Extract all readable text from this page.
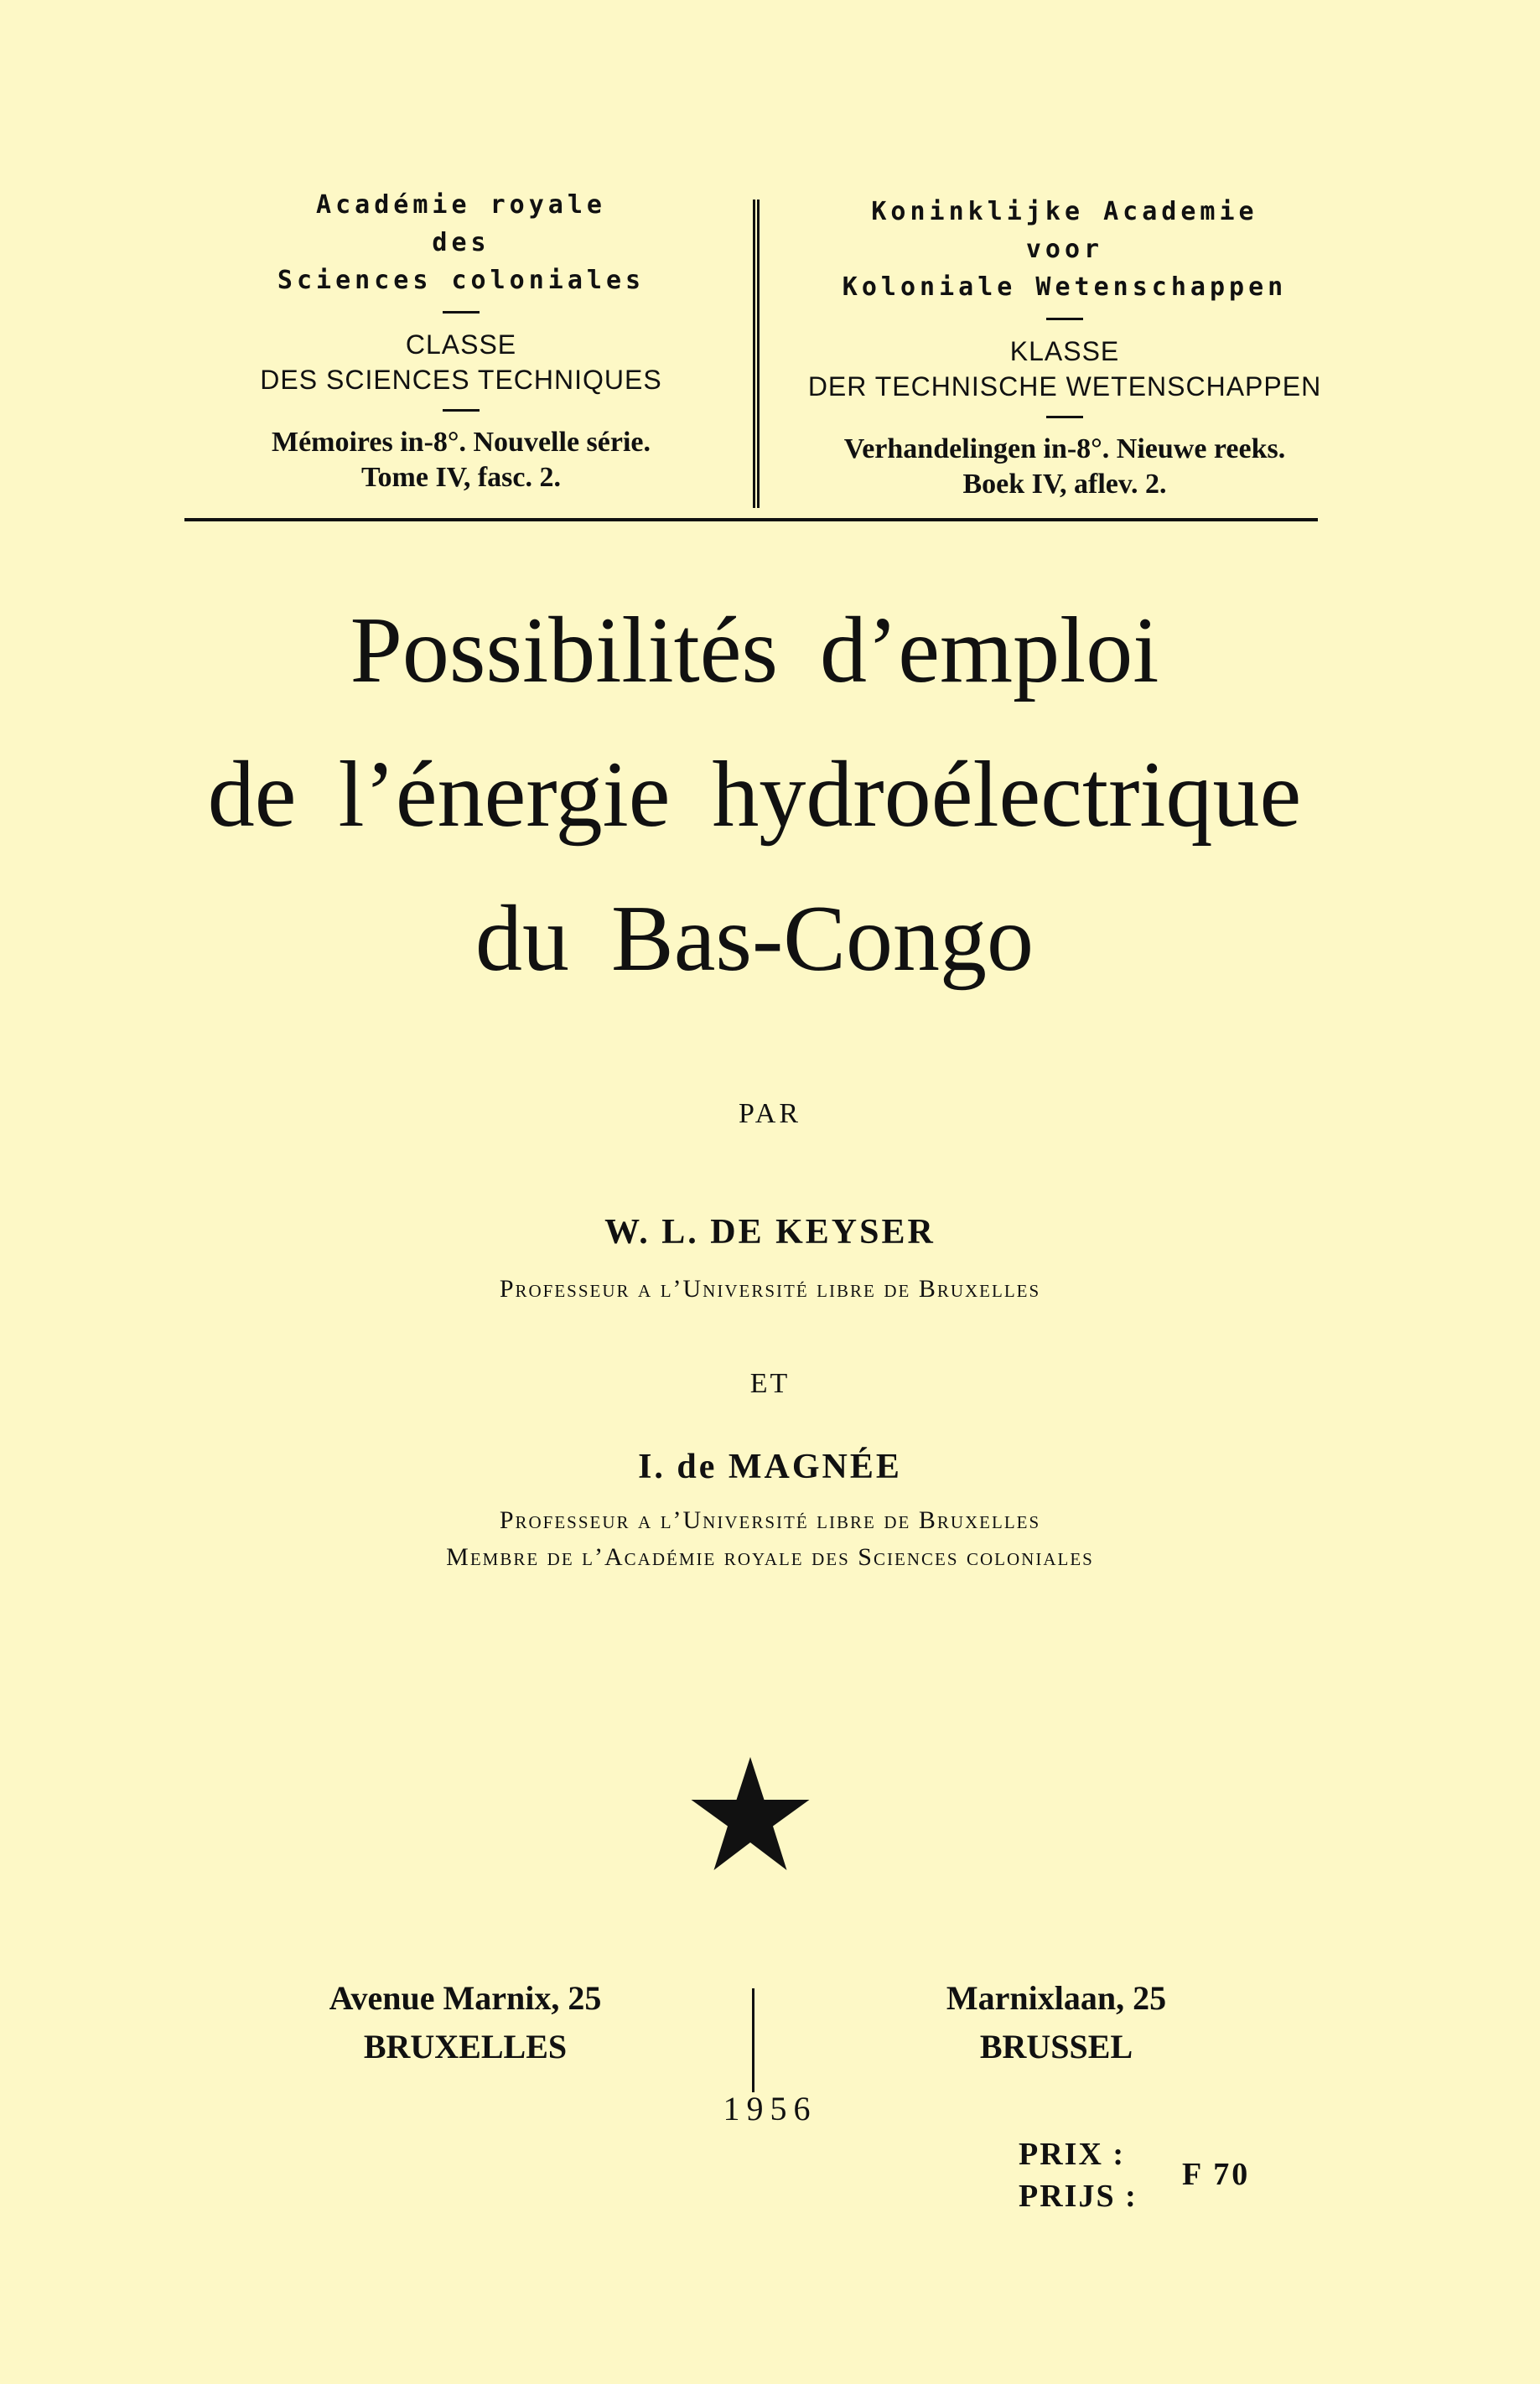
Académie royale
des
Sciences coloniales
CLASSE
DES SCIENCES TECHNIQUES
Mémoires in-8°. Nouvelle série.
Tome IV, fasc. 2.
Koninklijke Academie
voor
Koloniale Wetenschappen
KLASSE
DER TECHNISCHE WETENSCHAPPEN
Verhandelingen in-8°. Nieuwe reeks.
Boek IV, aflev. 2.
Possibilités d’emploi
de l’énergie hydroélectrique
du Bas-Congo
PAR
W. L. DE KEYSER
Professeur a l’Université libre de Bruxelles
ET
I. de MAGNÉE
Professeur a l’Université libre de Bruxelles
Membre de l’Académie royale des Sciences coloniales
Avenue Marnix, 25
BRUXELLES
Marnixlaan, 25
BRUSSEL
1956
PRIX :
PRIJS :
F 70
